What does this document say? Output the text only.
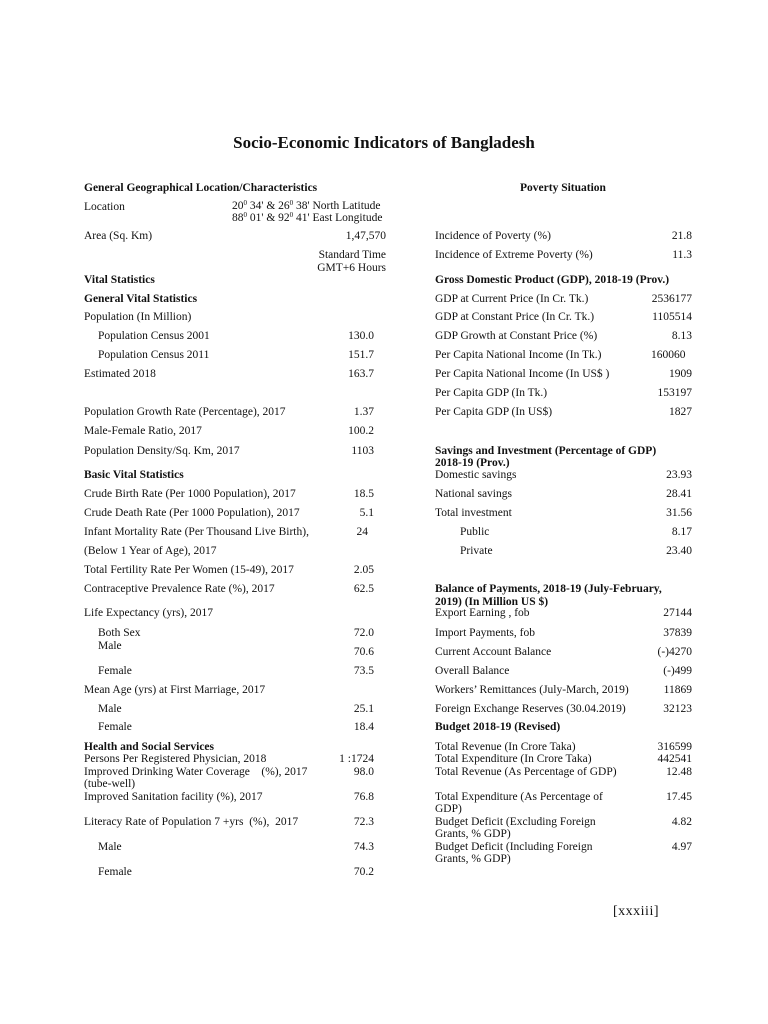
Socio-Economic Indicators of Bangladesh
General Geographical Location/Characteristics
Location	$20^0$ 34' & $26^0$ 38' North Latitude
$88^0$ 01' & $92^0$ 41' East Longitude
Area (Sq. Km)	1,47,570
Standard Time
GMT+6 Hours
Vital Statistics
General Vital Statistics
Population (In Million)
Population Census 2001	130.0
Population Census 2011	151.7
Estimated 2018	163.7
Population Growth Rate (Percentage), 2017	1.37
Male-Female Ratio, 2017	100.2
Population Density/Sq. Km, 2017	1103
Basic Vital Statistics
Crude Birth Rate (Per 1000 Population), 2017	18.5
Crude Death Rate (Per 1000 Population), 2017	5.1
Infant Mortality Rate (Per Thousand Live Birth),	24
(Below 1 Year of Age), 2017
Total Fertility Rate Per Women (15-49), 2017	2.05
Contraceptive Prevalence Rate (%), 2017	62.5
Life Expectancy (yrs), 2017
Both Sex	72.0
Male	70.6
Female	73.5
Mean Age (yrs) at First Marriage, 2017
Male	25.1
Female	18.4
Health and Social Services
Persons Per Registered Physician, 2018	1 :1724
Improved Drinking Water Coverage    (%), 2017	98.0
(tube-well)
Improved Sanitation facility (%), 2017	76.8
Literacy Rate of Population 7 +yrs  (%),  2017	72.3
Male	74.3
Female	70.2
Poverty Situation
Incidence of Poverty (%)	21.8
Incidence of Extreme Poverty (%)	11.3
Gross Domestic Product (GDP), 2018-19 (Prov.)
GDP at Current Price (In Cr. Tk.)	2536177
GDP at Constant Price (In Cr. Tk.)	1105514
GDP Growth at Constant Price (%)	8.13
Per Capita National Income (In Tk.)	160060
Per Capita National Income (In US$ )	1909
Per Capita GDP (In Tk.)	153197
Per Capita GDP (In US$)	1827
Savings and Investment (Percentage of GDP)
2018-19 (Prov.)
Domestic savings	23.93
National savings	28.41
Total investment	31.56
Public	8.17
Private	23.40
Balance of Payments, 2018-19 (July-February,
2019) (In Million US $)
Export Earning , fob	27144
Import Payments, fob	37839
Current Account Balance	(-)4270
Overall Balance	(-)499
Workers’ Remittances (July-March, 2019)	11869
Foreign Exchange Reserves (30.04.2019)	32123
Budget 2018-19 (Revised)
Total Revenue (In Crore Taka)	316599
Total Expenditure (In Crore Taka)	442541
Total Revenue (As Percentage of GDP)	12.48
Total Expenditure (As Percentage of	17.45
GDP)
Budget Deficit (Excluding Foreign	4.82
Grants, % GDP)
Budget Deficit (Including Foreign	4.97
Grants, % GDP)
[xxxiii]
